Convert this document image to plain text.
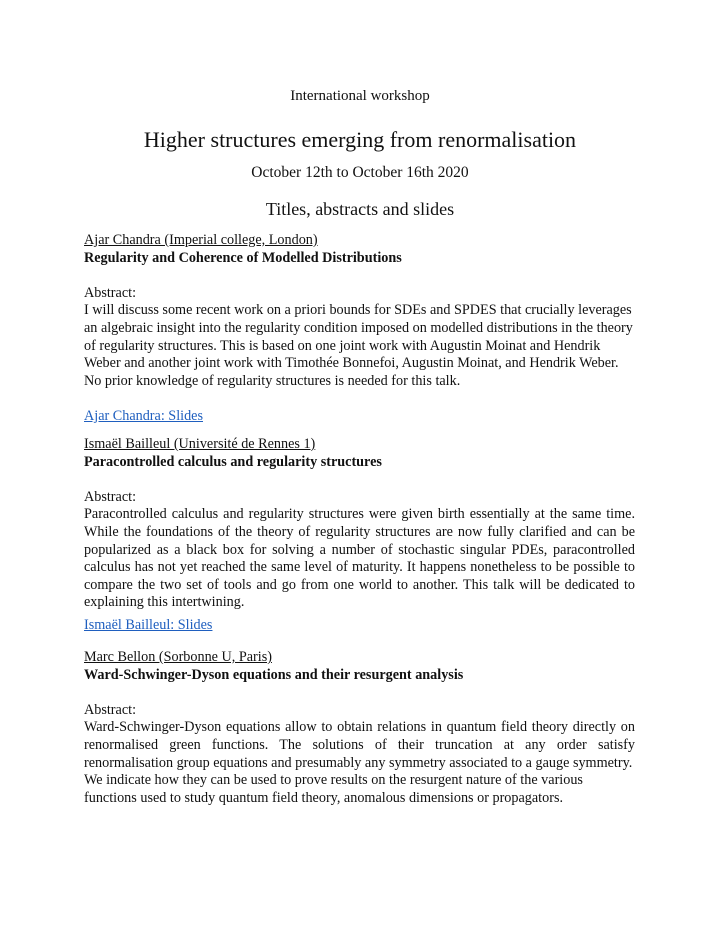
International workshop
Higher structures emerging from renormalisation
October 12th to October 16th 2020
Titles, abstracts and slides

Ajar Chandra (Imperial college, London)

Regularity and Coherence of Modelled Distributions

Abstract:

I will discuss some recent work on a priori bounds for SDEs and SPDES that crucially leverages an algebraic insight into the regularity condition imposed on modelled distributions in the theory of regularity structures. This is based on one joint work with Augustin Moinat and Hendrik Weber and another joint work with Timothée Bonnefoi, Augustin Moinat, and Hendrik Weber. No prior knowledge of regularity structures is needed for this talk.

Ajar Chandra: Slides

Ismaël Bailleul (Université de Rennes 1)

Paracontrolled calculus and regularity structures

Abstract:

Paracontrolled calculus and regularity structures were given birth essentially at the same time. While the foundations of the theory of regularity structures are now fully clarified and can be popularized as a black box for solving a number of stochastic singular PDEs, paracontrolled calculus has not yet reached the same level of maturity. It happens nonetheless to be possible to compare the two set of tools and go from one world to another. This talk will be dedicated to explaining this intertwining.

Ismaël Bailleul: Slides

Marc Bellon (Sorbonne U, Paris)

Ward-Schwinger-Dyson equations and their resurgent analysis

Abstract:

Ward-Schwinger-Dyson equations allow to obtain relations in quantum field theory directly on renormalised green functions. The solutions of their truncation at any order satisfy renormalisation group equations and presumably any symmetry associated to a gauge symmetry.

We indicate how they can be used to prove results on the resurgent nature of the various functions used to study quantum field theory, anomalous dimensions or propagators.
